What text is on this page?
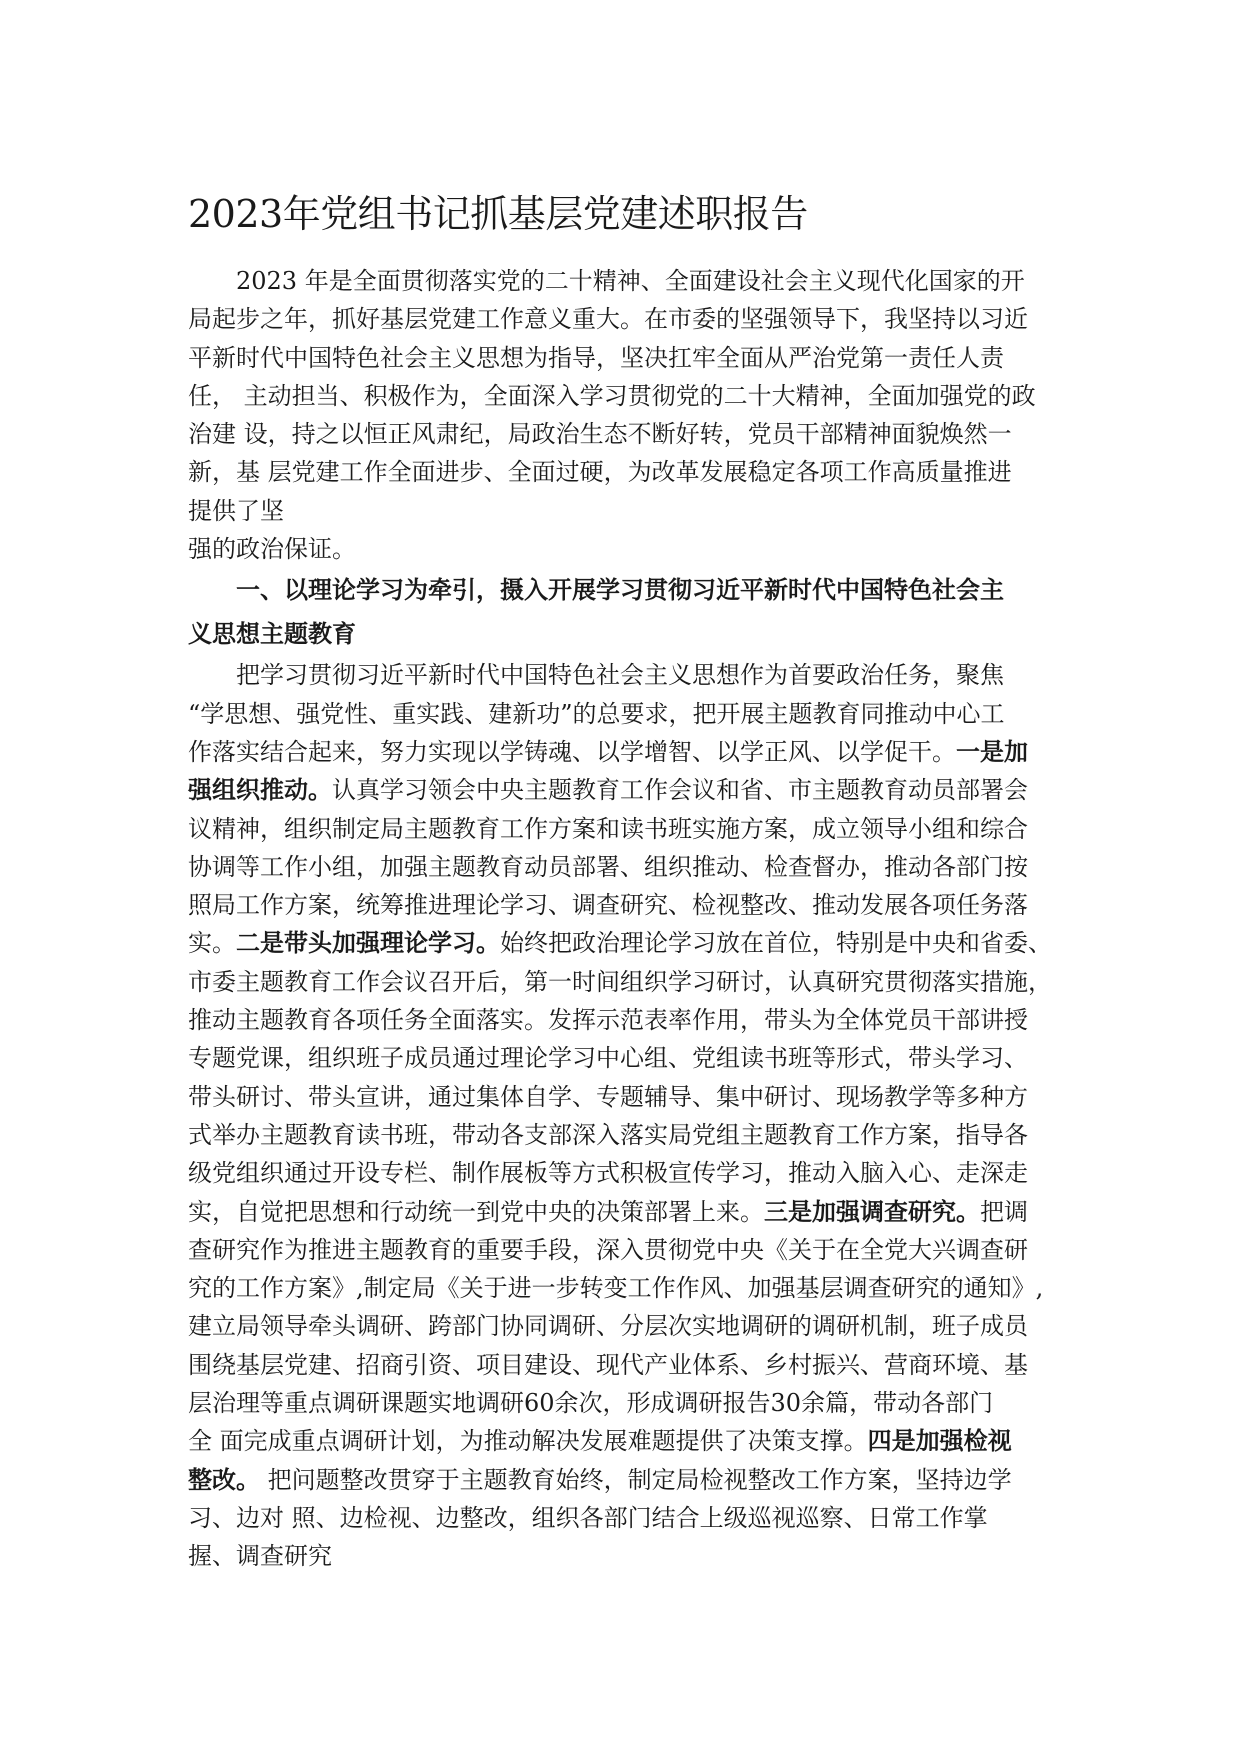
2023年党组书记抓基层党建述职报告

2023 年是全面贯彻落实党的二十精神、全面建设社会主义现代化国家的开
局起步之年，抓好基层党建工作意义重大。在市委的坚强领导下，我坚持以习近
平新时代中国特色社会主义思想为指导，坚决扛牢全面从严治党第一责任人责
任， 主动担当、积极作为，全面深入学习贯彻党的二十大精神，全面加强党的政
治建 设，持之以恒正风肃纪，局政治生态不断好转，党员干部精神面貌焕然一
新，基 层党建工作全面进步、全面过硬，为改革发展稳定各项工作高质量推进
提供了坚
强的政治保证。

一、以理论学习为牵引，摄入开展学习贯彻习近平新时代中国特色社会主
义思想主题教育

把学习贯彻习近平新时代中国特色社会主义思想作为首要政治任务，聚焦
“学思想、强党性、重实践、建新功”的总要求，把开展主题教育同推动中心工
作落实结合起来，努力实现以学铸魂、以学增智、以学正风、以学促干。一是加
强组织推动。认真学习领会中央主题教育工作会议和省、市主题教育动员部署会
议精神，组织制定局主题教育工作方案和读书班实施方案，成立领导小组和综合
协调等工作小组，加强主题教育动员部署、组织推动、检查督办，推动各部门按
照局工作方案，统筹推进理论学习、调查研究、检视整改、推动发展各项任务落
实。二是带头加强理论学习。始终把政治理论学习放在首位，特别是中央和省委、
市委主题教育工作会议召开后，第一时间组织学习研讨，认真研究贯彻落实措施，
推动主题教育各项任务全面落实。发挥示范表率作用，带头为全体党员干部讲授
专题党课，组织班子成员通过理论学习中心组、党组读书班等形式，带头学习、
带头研讨、带头宣讲，通过集体自学、专题辅导、集中研讨、现场教学等多种方
式举办主题教育读书班，带动各支部深入落实局党组主题教育工作方案，指导各
级党组织通过开设专栏、制作展板等方式积极宣传学习，推动入脑入心、走深走
实，自觉把思想和行动统一到党中央的决策部署上来。三是加强调查研究。把调
查研究作为推进主题教育的重要手段，深入贯彻党中央《关于在全党大兴调查研
究的工作方案》,制定局《关于进一步转变工作作风、加强基层调查研究的通知》,
建立局领导牵头调研、跨部门协同调研、分层次实地调研的调研机制，班子成员
围绕基层党建、招商引资、项目建设、现代产业体系、乡村振兴、营商环境、基
层治理等重点调研课题实地调研60余次，形成调研报告30余篇，带动各部门
全 面完成重点调研计划，为推动解决发展难题提供了决策支撑。四是加强检视
整改。 把问题整改贯穿于主题教育始终，制定局检视整改工作方案，坚持边学
习、边对 照、边检视、边整改，组织各部门结合上级巡视巡察、日常工作掌
握、调查研究
